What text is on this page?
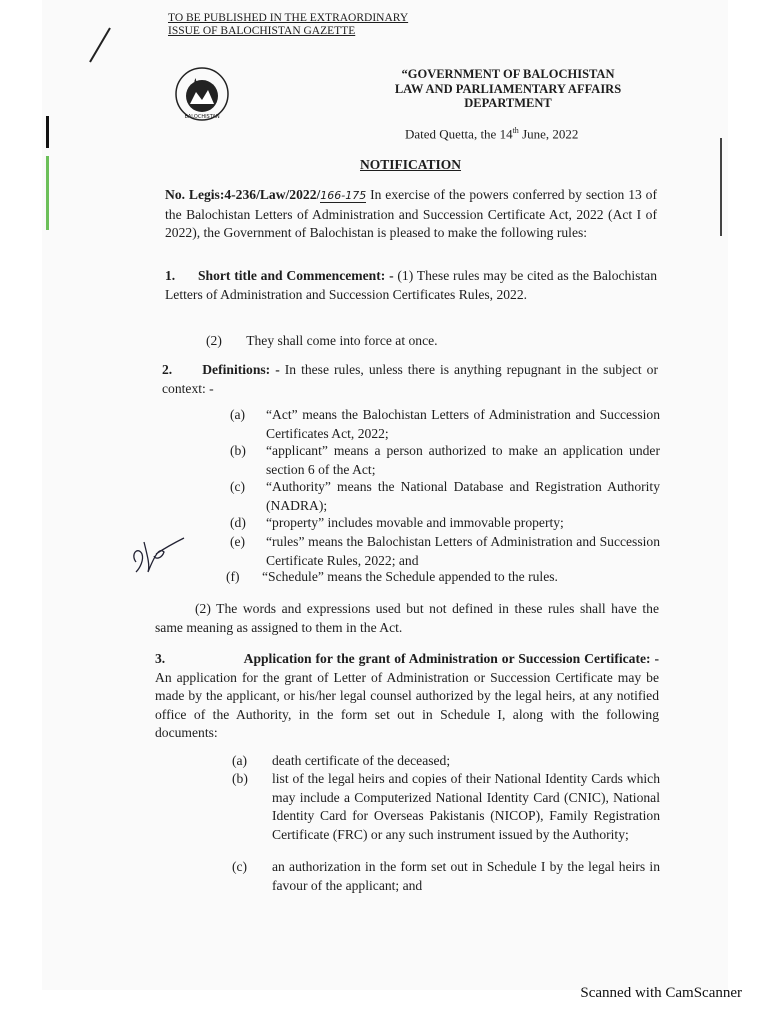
TO BE PUBLISHED IN THE EXTRAORDINARY
ISSUE OF BALOCHISTAN GAZETTE
BALOCHISTAN
“GOVERNMENT OF BALOCHISTAN
LAW AND PARLIAMENTARY AFFAIRS
DEPARTMENT
Dated Quetta, the 14th June, 2022
NOTIFICATION
No. Legis:4-236/Law/2022/166-175 In exercise of the powers conferred by section 13 of the Balochistan Letters of Administration and Succession Certificate Act, 2022 (Act I of 2022), the Government of Balochistan is pleased to make the following rules:
1. Short title and Commencement: - (1) These rules may be cited as the Balochistan Letters of Administration and Succession Certificates Rules, 2022.
(2) They shall come into force at once.
2. Definitions: - In these rules, unless there is anything repugnant in the subject or context: -
(a) “Act” means the Balochistan Letters of Administration and Succession Certificates Act, 2022;
(b) “applicant” means a person authorized to make an application under section 6 of the Act;
(c) “Authority” means the National Database and Registration Authority (NADRA);
(d) “property” includes movable and immovable property;
(e) “rules” means the Balochistan Letters of Administration and Succession Certificate Rules, 2022; and
(f) “Schedule” means the Schedule appended to the rules.
(2) The words and expressions used but not defined in these rules shall have the same meaning as assigned to them in the Act.
3.	Application for the grant of Administration or Succession Certificate: - An application for the grant of Letter of Administration or Succession Certificate may be made by the applicant, or his/her legal counsel authorized by the legal heirs, at any notified office of the Authority, in the form set out in Schedule I, along with the following documents:
(a) death certificate of the deceased;
(b) list of the legal heirs and copies of their National Identity Cards which may include a Computerized National Identity Card (CNIC), National Identity Card for Overseas Pakistanis (NICOP), Family Registration Certificate (FRC) or any such instrument issued by the Authority;
(c) an authorization in the form set out in Schedule I by the legal heirs in favour of the applicant; and
Scanned with CamScanner
